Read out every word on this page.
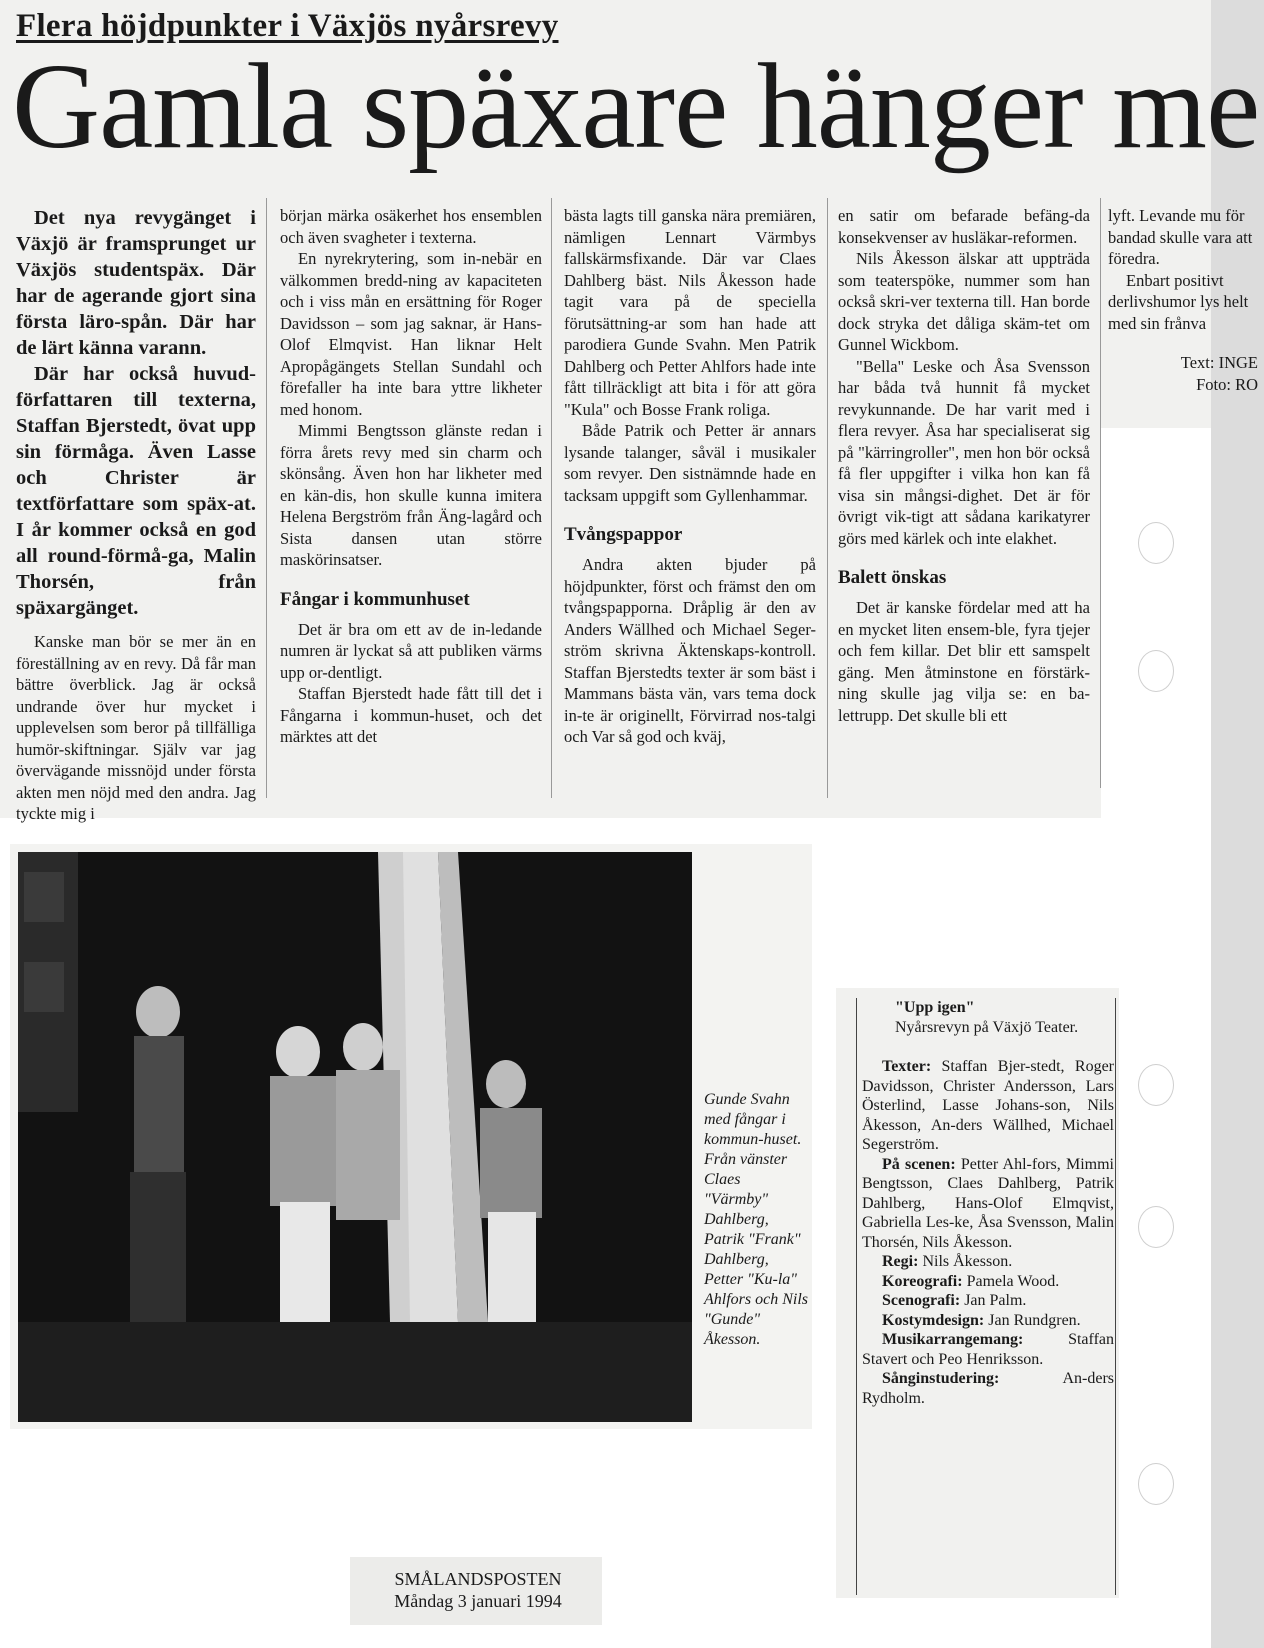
Flera höjdpunkter i Växjös nyårsrevy
Gamla späxare hänger me

Det nya revygänget i Växjö är framsprunget ur Växjös studentspäx. Där har de agerande gjort sina första läro-spån. Där har de lärt känna varann.

Där har också huvud-författaren till texterna, Staffan Bjerstedt, övat upp sin förmåga. Även Lasse och Christer är textförfattare som späx-at. I år kommer också en god all round-förmå-ga, Malin Thorsén, från späxargänget.

Kanske man bör se mer än en föreställning av en revy. Då får man bättre överblick. Jag är också undrande över hur mycket i upplevelsen som beror på tillfälliga humör-skiftningar. Själv var jag övervägande missnöjd under första akten men nöjd med den andra. Jag tyckte mig i

början märka osäkerhet hos ensemblen och även svagheter i texterna.

En nyrekrytering, som in-nebär en välkommen bredd-ning av kapaciteten och i viss mån en ersättning för Roger Davidsson – som jag saknar, är Hans-Olof Elmqvist. Han liknar Helt Apropågängets Stellan Sundahl och förefaller ha inte bara yttre likheter med honom.

Mimmi Bengtsson glänste redan i förra årets revy med sin charm och skönsång. Även hon har likheter med en kän-dis, hon skulle kunna imitera Helena Bergström från Äng-lagård och Sista dansen utan större maskörinsatser.

Fångar i kommunhuset

Det är bra om ett av de in-ledande numren är lyckat så att publiken värms upp or-dentligt.

Staffan Bjerstedt hade fått till det i Fångarna i kommun-huset, och det märktes att det

bästa lagts till ganska nära premiären, nämligen Lennart Värmbys fallskärmsfixande. Där var Claes Dahlberg bäst. Nils Åkesson hade tagit vara på de speciella förutsättning-ar som han hade att parodiera Gunde Svahn. Men Patrik Dahlberg och Petter Ahlfors hade inte fått tillräckligt att bita i för att göra "Kula" och Bosse Frank roliga.

Både Patrik och Petter är annars lysande talanger, såväl i musikaler som revyer. Den sistnämnde hade en tacksam uppgift som Gyllenhammar.

Tvångspappor

Andra akten bjuder på höjdpunkter, först och främst den om tvångspapporna. Dråplig är den av Anders Wällhed och Michael Seger-ström skrivna Äktenskaps-kontroll. Staffan Bjerstedts texter är som bäst i Mammans bästa vän, vars tema dock in-te är originellt, Förvirrad nos-talgi och Var så god och kväj,

en satir om befarade befäng-da konsekvenser av husläkar-reformen.

Nils Åkesson älskar att uppträda som teaterspöke, nummer som han också skri-ver texterna till. Han borde dock stryka det dåliga skäm-tet om Gunnel Wickbom.

"Bella" Leske och Åsa Svensson har båda två hunnit få mycket revykunnande. De har varit med i flera revyer. Åsa har specialiserat sig på "kärringroller", men hon bör också få fler uppgifter i vilka hon kan få visa sin mångsi-dighet. Det är för övrigt vik-tigt att sådana karikatyrer görs med kärlek och inte elakhet.

Balett önskas

Det är kanske fördelar med att ha en mycket liten ensem-ble, fyra tjejer och fem killar. Det blir ett samspelt gäng. Men åtminstone en förstärk-ning skulle jag vilja se: en ba-lettrupp. Det skulle bli ett

lyft. Levande mu för bandad skulle vara att föredra.

Enbart positivt derlivshumor lys helt med sin frånva

Text: INGE
Foto: RO

Gunde Svahn med fångar i kommun-huset. Från vänster Claes "Värmby" Dahlberg, Patrik "Frank" Dahlberg, Petter "Ku-la" Ahlfors och Nils "Gunde" Åkesson.

"Upp igen"

Nyårsrevyn på Växjö Teater.

Texter: Staffan Bjer-stedt, Roger Davidsson, Christer Andersson, Lars Österlind, Lasse Johans-son, Nils Åkesson, An-ders Wällhed, Michael Segerström.

På scenen: Petter Ahl-fors, Mimmi Bengtsson, Claes Dahlberg, Patrik Dahlberg, Hans-Olof Elmqvist, Gabriella Les-ke, Åsa Svensson, Malin Thorsén, Nils Åkesson.

Regi: Nils Åkesson.

Koreografi: Pamela Wood.

Scenografi: Jan Palm.

Kostymdesign: Jan Rundgren.

Musikarrangemang:	Staffan Stavert och Peo Henriksson.

Sånginstudering:	An-ders Rydholm.

SMÅLANDSPOSTEN
Måndag 3 januari 1994
